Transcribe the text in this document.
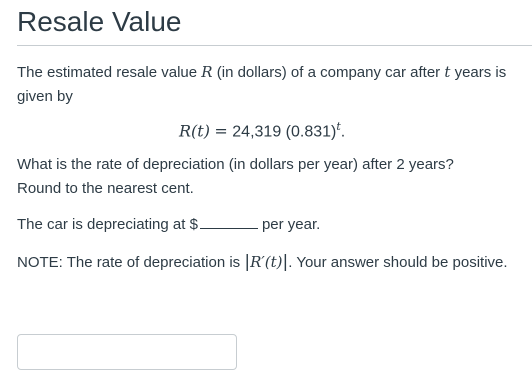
Resale Value
The estimated resale value R (in dollars) of a company car after t years is given by
R(t) = 24,319 $(0.831)^t$.
What is the rate of depreciation (in dollars per year) after 2 years?
Round to the nearest cent.
The car is depreciating at $	per year.
NOTE: The rate of depreciation is |R′(t)|. Your answer should be positive.
